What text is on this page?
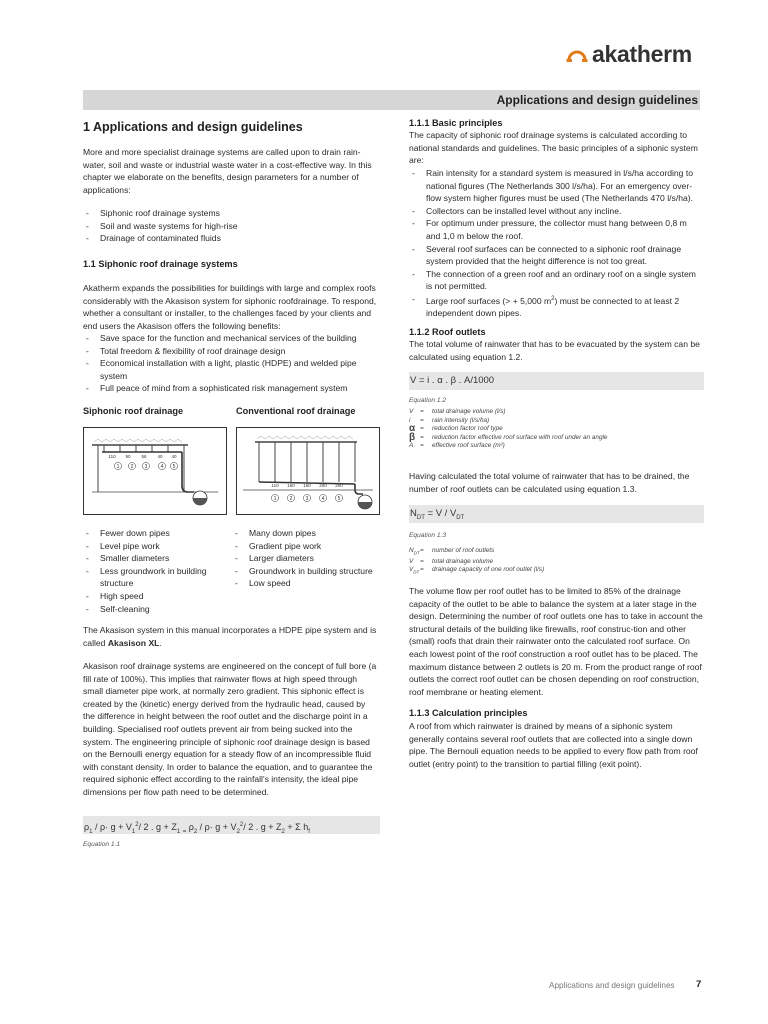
akatherm
Applications and design guidelines
1 Applications and design guidelines

More and more specialist drainage systems are called upon to drain rain-water, soil and waste or industrial waste water in a cost-effective way. In this chapter we elaborate on the benefits, design parameters for a number of applications:

- Siphonic roof drainage systems
- Soil and waste systems for high-rise
- Drainage of contaminated fluids
1.1 Siphonic roof drainage systems

Akatherm expands the possibilities for buildings with large and complex roofs considerably with the Akasison system for siphonic roofdrainage. To respond, whether a consultant or installer, to the challenges faced by your clients and end users the Akasison offers the following benefits:

- Save space for the function and mechanical services of the building
- Total freedom & flexibility of roof drainage design
- Economical installation with a light, plastic (HDPE) and welded pipe system
- Full peace of mind from a sophisticated risk management system
Siphonic roof drainage	Conventional roof drainage
110 90 56 40 40
1 2 3	4 5
110 160 160 200 200
1	2	3	4	5
- Fewer down pipes
- Level pipe work
- Smaller diameters
- Less groundwork in building structure
- High speed
- Self-cleaning
- Many down pipes
- Gradient pipe work
- Larger diameters
- Groundwork in building structure
- Low speed

The Akasison system in this manual incorporates a HDPE pipe system and is called Akasison XL.

Akasison roof drainage systems are engineered on the concept of full bore (a fill rate of 100%). This implies that rainwater flows at high speed through small diameter pipe work, at normally zero gradient. This siphonic effect is created by the (kinetic) energy derived from the hydraulic head, caused by the difference in height between the roof outlet and the discharge point in a building. Specialised roof outlets prevent air from being sucked into the system. The engineering principle of siphonic roof drainage design is based on the Bernoulli energy equation for a steady flow of an incompressible fluid with constant density. In order to balance the equation, and to guarantee the required siphonic effect according to the rainfall's intensity, the ideal pipe dimensions per flow path need to be determined.

$\rho_1 / \rho\cdot g + V_1^2/$ 2 . $g + Z_1$ $_=$ $\rho_2 / \rho\cdot g + V_2^2/$ 2 . $g + Z_2 + \Sigma$ $h_f$
Equation 1.1
1.1.1 Basic principles

The capacity of siphonic roof drainage systems is calculated according to national standards and guidelines. The basic principles of a siphonic system are:

- Rain intensity for a standard system is measured in l/s/ha according to national figures (The Netherlands 300 l/s/ha). For an emergency over-flow system higher figures must be used (The Netherlands 470 l/s/ha).
- Collectors can be installed level without any incline.
- For optimum under pressure, the collector must hang between 0,8 m and 1,0 m below the roof.
- Several roof surfaces can be connected to a siphonic roof drainage system provided that the height difference is not too great.
- The connection of a green roof and an ordinary roof on a single system is not permitted.
- Large roof surfaces (> + 5,000 $m^2$) must be connected to at least 2 independent down pipes.
1.1.2 Roof outlets

The total volume of rainwater that has to be evacuated by the system can be calculated using equation 1.2.

V = i . α . β . A/1000
Equation 1.2
V	=	total drainage volume (l/s)
i	=	rain intensity (l/s/ha)
α =	reduction factor roof type
β =	reduction factor effective roof surface with roof under an angle
A	=	effective roof surface (m²)

Having calculated the total volume of rainwater that has to be drained, the number of roof outlets can be calculated using equation 1.3.

$N_{DT} = V / V_{DT}$
Equation 1.3
$N_{DT}$ =	number of roof outlets
V	=	total drainage volume
$V_{DT}$ =	drainage capacity of one roof outlet (l/s)

The volume flow per roof outlet has to be limited to 85% of the drainage capacity of the outlet to be able to balance the system at a later stage in the design. Determining the number of roof outlets one has to take in account the structural details of the building like firewalls, roof construc-tion and other (small) roofs that drain their rainwater onto the calculated roof surface. On each lowest point of the roof construction a roof outlet has to be placed. The maximum distance between 2 outlets is 20 m. From the product range of roof outlets the correct roof outlet can be chosen depending on roof construction, roof membrane or heating element.

1.1.3 Calculation principles

A roof from which rainwater is drained by means of a siphonic system generally contains several roof outlets that are collected into a single down pipe. The Bernouli equation needs to be applied to every flow path from roof outlet (entry point) to the transition to partial filling (exit point).

Applications and design guidelines 7
